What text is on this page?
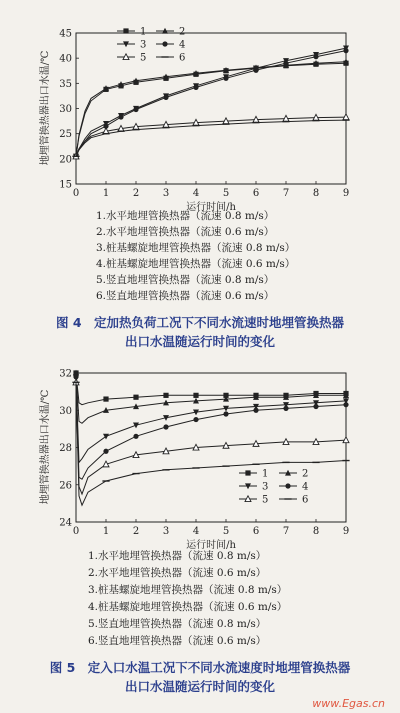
0 1 2 3 4 5 6 7 8 9
15
20
25
30
35
40
45
运行时间/h
地埋管换热器出口水温/℃
1	2
3	4
5	6
1.水平地埋管换热器（流速 0.8 m/s）
2.水平地埋管换热器（流速 0.6 m/s）
3.桩基螺旋地埋管换热器（流速 0.8 m/s）
4.桩基螺旋地埋管换热器（流速 0.6 m/s）
5.竖直地埋管换热器（流速 0.8 m/s）
6.竖直地埋管换热器（流速 0.6 m/s）
图 4　定加热负荷工况下不同水流速时地埋管换热器
出口水温随运行时间的变化
0 1 2 3 4 5 6 7 8 9
24
26
28
30
32
运行时间/h
地埋管换热器出口水温/℃	1	2
3	4
5	6
1.水平地埋管换热器（流速 0.8 m/s）
2.水平地埋管换热器（流速 0.6 m/s）
3.桩基螺旋地埋管换热器（流速 0.8 m/s）
4.桩基螺旋地埋管换热器（流速 0.6 m/s）
5.竖直地埋管换热器（流速 0.8 m/s）
6.竖直地埋管换热器（流速 0.6 m/s）
图 5　定入口水温工况下不同水流速度时地埋管换热器
出口水温随运行时间的变化
www.Egas.cn
